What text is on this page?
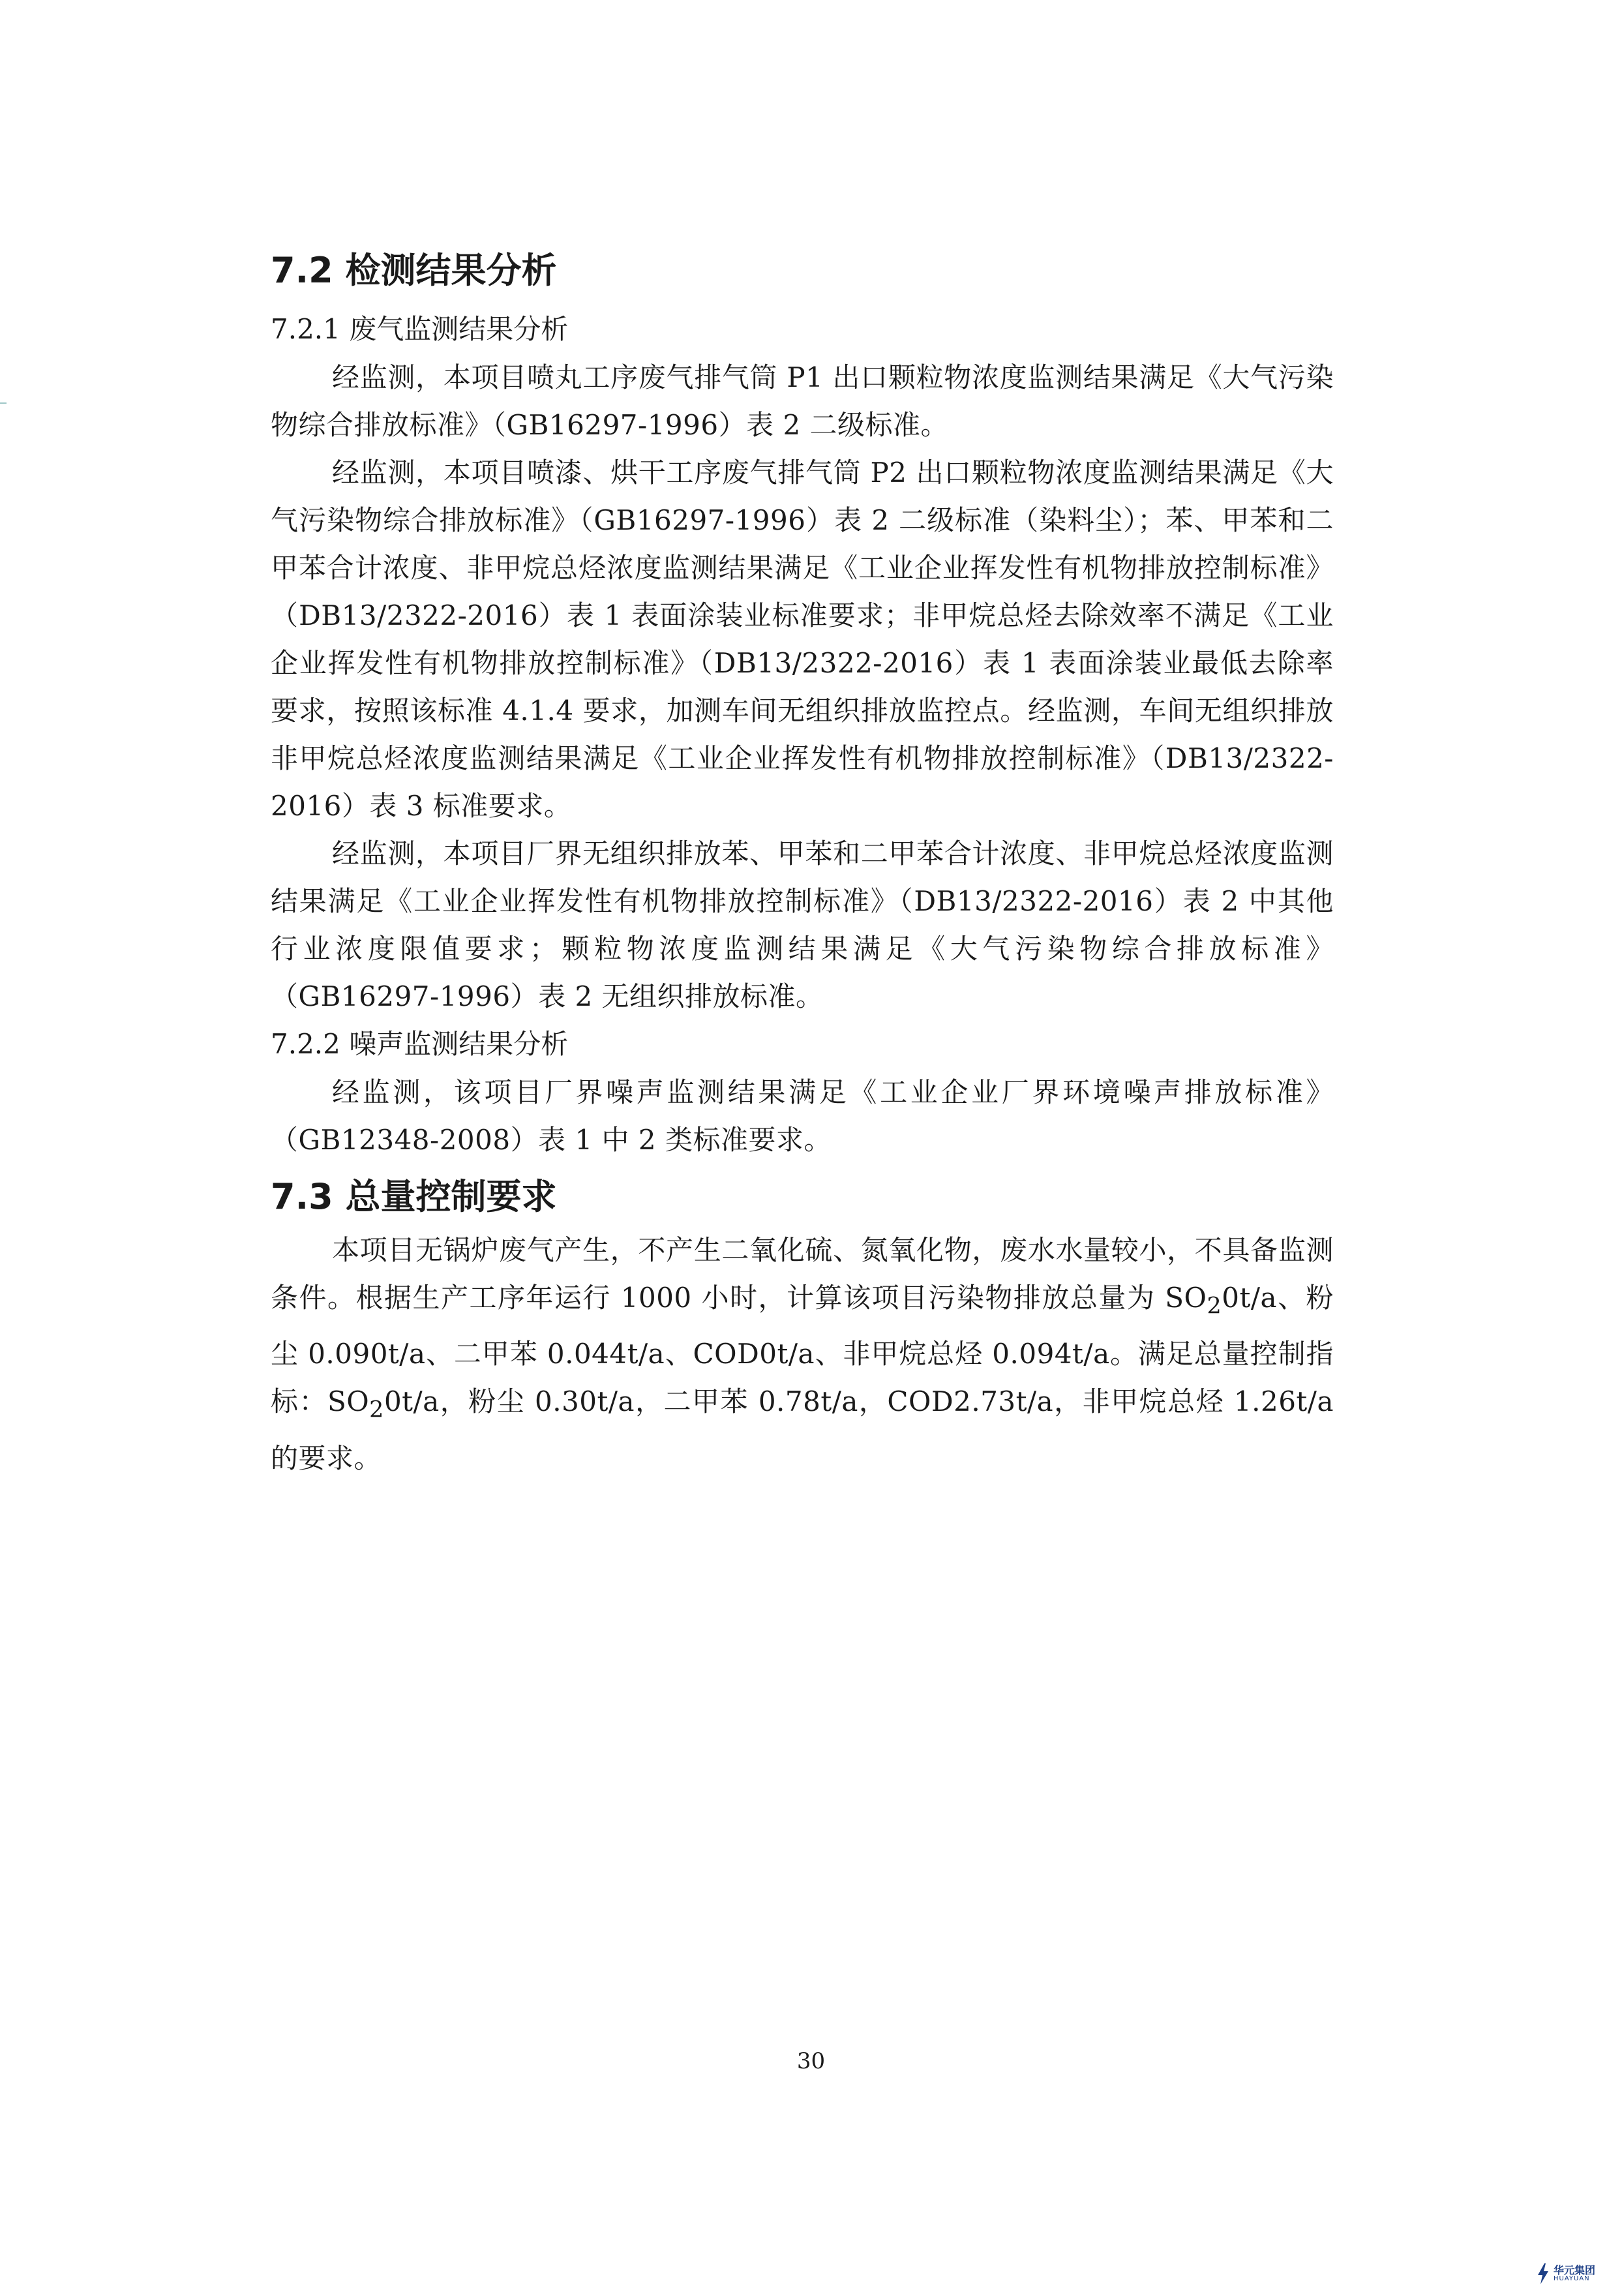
7.2 检测结果分析
7.2.1 废气监测结果分析

经监测，本项目喷丸工序废气排气筒 P1 出口颗粒物浓度监测结果满足《大气污染物综合排放标准》（GB16297-1996）表 2 二级标准。

经监测，本项目喷漆、烘干工序废气排气筒 P2 出口颗粒物浓度监测结果满足《大气污染物综合排放标准》（GB16297-1996）表 2 二级标准（染料尘）；苯、甲苯和二甲苯合计浓度、非甲烷总烃浓度监测结果满足《工业企业挥发性有机物排放控制标准》（DB13/2322-2016）表 1 表面涂装业标准要求；非甲烷总烃去除效率不满足《工业企业挥发性有机物排放控制标准》（DB13/2322-2016）表 1 表面涂装业最低去除率要求，按照该标准 4.1.4 要求，加测车间无组织排放监控点。经监测，车间无组织排放非甲烷总烃浓度监测结果满足《工业企业挥发性有机物排放控制标准》（DB13/2322-2016）表 3 标准要求。

经监测，本项目厂界无组织排放苯、甲苯和二甲苯合计浓度、非甲烷总烃浓度监测结果满足《工业企业挥发性有机物排放控制标准》（DB13/2322-2016）表 2 中其他行业浓度限值要求；颗粒物浓度监测结果满足《大气污染物综合排放标准》（GB16297-1996）表 2 无组织排放标准。

7.2.2 噪声监测结果分析

经监测，该项目厂界噪声监测结果满足《工业企业厂界环境噪声排放标准》（GB12348-2008）表 1 中 2 类标准要求。

7.3 总量控制要求

本项目无锅炉废气产生，不产生二氧化硫、氮氧化物，废水水量较小，不具备监测条件。根据生产工序年运行 1000 小时，计算该项目污染物排放总量为 $SO_20t/a$、粉尘 0.090t/a、二甲苯 0.044t/a、COD0t/a、非甲烷总烃 0.094t/a。满足总量控制指标：$SO_20t/a$，粉尘 0.30t/a，二甲苯 0.78t/a，COD2.73t/a，非甲烷总烃 1.26t/a 的要求。

30
华元集团
HUAYUAN
